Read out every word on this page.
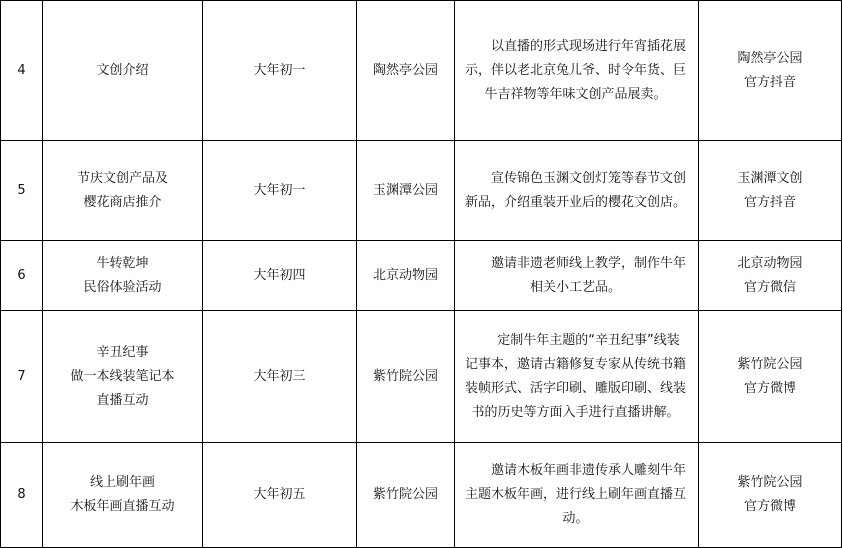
4	文创介绍	大年初一	陶然亭公园	以直播的形式现场进行年宵插花展示，伴以老北京兔儿爷、时令年货、巨牛吉祥物等年味文创产品展卖。	陶然亭公园
官方抖音

5	节庆文创产品及
樱花商店推介	大年初一	玉渊潭公园	宣传锦色玉渊文创灯笼等春节文创新品，介绍重装开业后的樱花文创店。	玉渊潭文创
官方抖音

6	牛转乾坤
民俗体验活动	大年初四	北京动物园	邀请非遗老师线上教学，制作牛年相关小工艺品。	北京动物园
官方微信

7	辛丑纪事
做一本线装笔记本
直播互动	大年初三	紫竹院公园	定制牛年主题的“辛丑纪事”线装记事本，邀请古籍修复专家从传统书籍装帧形式、活字印刷、雕版印刷、线装书的历史等方面入手进行直播讲解。	紫竹院公园
官方微博

8	线上刷年画
木板年画直播互动	大年初五	紫竹院公园	邀请木板年画非遗传承人雕刻牛年主题木板年画，进行线上刷年画直播互动。	紫竹院公园
官方微博
